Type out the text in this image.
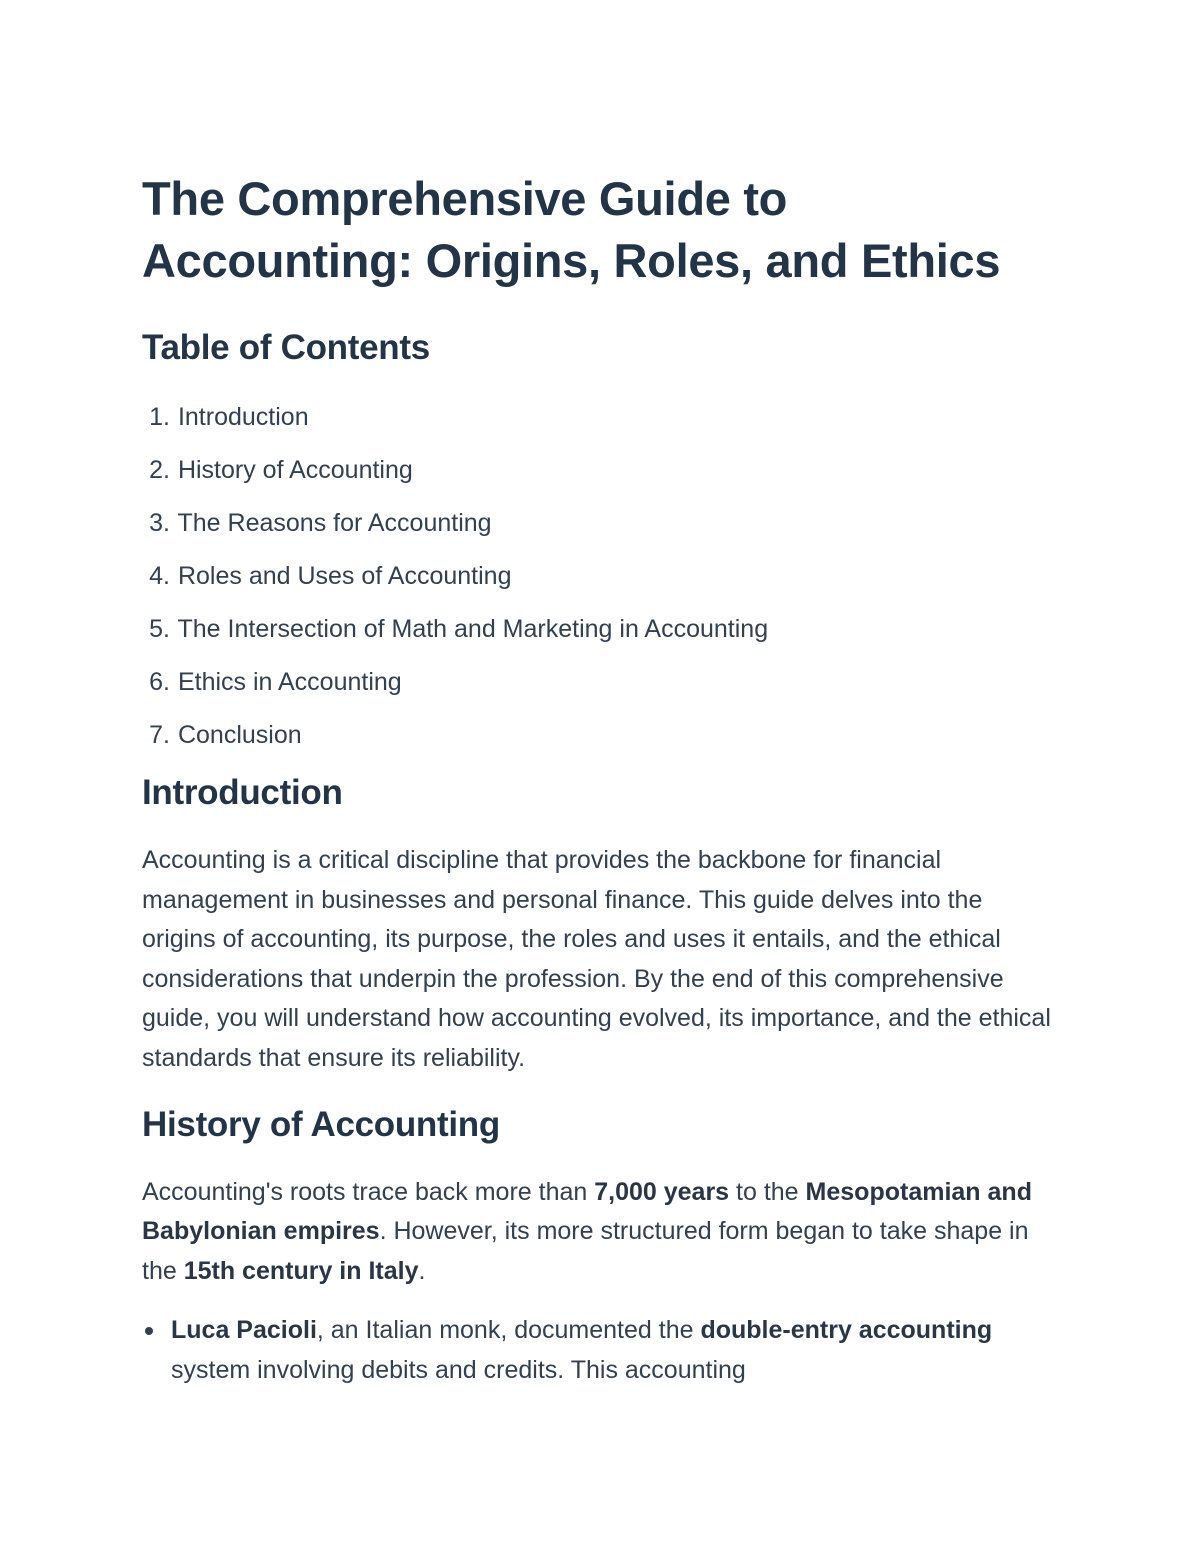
The Comprehensive Guide to Accounting: Origins, Roles, and Ethics
Table of Contents
1. Introduction
2. History of Accounting
3. The Reasons for Accounting
4. Roles and Uses of Accounting
5. The Intersection of Math and Marketing in Accounting
6. Ethics in Accounting
7. Conclusion
Introduction

Accounting is a critical discipline that provides the backbone for financial management in businesses and personal finance. This guide delves into the origins of accounting, its purpose, the roles and uses it entails, and the ethical considerations that underpin the profession. By the end of this comprehensive guide, you will understand how accounting evolved, its importance, and the ethical standards that ensure its reliability.

History of Accounting

Accounting's roots trace back more than 7,000 years to the Mesopotamian and Babylonian empires. However, its more structured form began to take shape in the 15th century in Italy.

Luca Pacioli, an Italian monk, documented the double-entry accounting system involving debits and credits. This accounting
